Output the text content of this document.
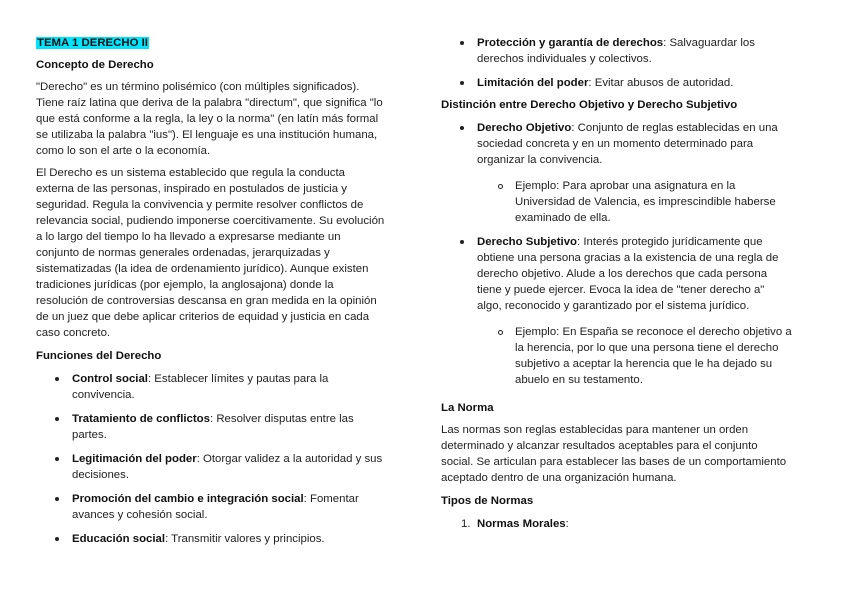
TEMA 1 DERECHO II

Concepto de Derecho

"Derecho" es un término polisémico (con múltiples significados).
Tiene raíz latina que deriva de la palabra "directum", que significa "lo
que está conforme a la regla, la ley o la norma" (en latín más formal
se utilizaba la palabra "ius"). El lenguaje es una institución humana,
como lo son el arte o la economía.
El Derecho es un sistema establecido que regula la conducta
externa de las personas, inspirado en postulados de justicia y
seguridad. Regula la convivencia y permite resolver conflictos de
relevancia social, pudiendo imponerse coercitivamente. Su evolución
a lo largo del tiempo lo ha llevado a expresarse mediante un
conjunto de normas generales ordenadas, jerarquizadas y
sistematizadas (la idea de ordenamiento jurídico). Aunque existen
tradiciones jurídicas (por ejemplo, la anglosajona) donde la
resolución de controversias descansa en gran medida en la opinión
de un juez que debe aplicar criterios de equidad y justicia en cada
caso concreto.

Funciones del Derecho

Control social: Establecer límites y pautas para la
convivencia.
Tratamiento de conflictos: Resolver disputas entre las
partes.
Legitimación del poder: Otorgar validez a la autoridad y sus
decisiones.
Promoción del cambio e integración social: Fomentar
avances y cohesión social.
Educación social: Transmitir valores y principios.
Protección y garantía de derechos: Salvaguardar los
derechos individuales y colectivos.
Limitación del poder: Evitar abusos de autoridad.

Distinción entre Derecho Objetivo y Derecho Subjetivo

Derecho Objetivo: Conjunto de reglas establecidas en una
sociedad concreta y en un momento determinado para
organizar la convivencia.
Ejemplo: Para aprobar una asignatura en la
Universidad de Valencia, es imprescindible haberse
examinado de ella.
Derecho Subjetivo: Interés protegido jurídicamente que
obtiene una persona gracias a la existencia de una regla de
derecho objetivo. Alude a los derechos que cada persona
tiene y puede ejercer. Evoca la idea de "tener derecho a"
algo, reconocido y garantizado por el sistema jurídico.
Ejemplo: En España se reconoce el derecho objetivo a
la herencia, por lo que una persona tiene el derecho
subjetivo a aceptar la herencia que le ha dejado su
abuelo en su testamento.

La Norma

Las normas son reglas establecidas para mantener un orden
determinado y alcanzar resultados aceptables para el conjunto
social. Se articulan para establecer las bases de un comportamiento
aceptado dentro de una organización humana.

Tipos de Normas

1. Normas Morales:
